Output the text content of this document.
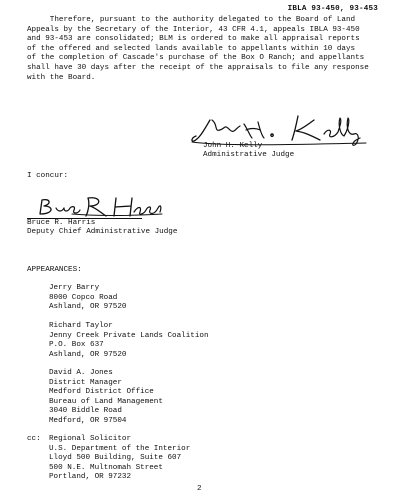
IBLA 93-450, 93-453
Therefore, pursuant to the authority delegated to the Board of Land
Appeals by the Secretary of the Interior, 43 CFR 4.1, appeals IBLA 93-450
and 93-453 are consolidated; BLM is ordered to make all appraisal reports
of the offered and selected lands available to appellants within 10 days
of the completion of Cascade's purchase of the Box O Ranch; and appellants
shall have 30 days after the receipt of the appraisals to file any response
with the Board.
John H. Kelly
Administrative Judge
I concur:
Bruce R. Harris
Deputy Chief Administrative Judge
APPEARANCES:
Jerry Barry
8000 Copco Road
Ashland, OR 97520
Richard Taylor
Jenny Creek Private Lands Coalition
P.O. Box 637
Ashland, OR 97520
David A. Jones
District Manager
Medford District Office
Bureau of Land Management
3040 Biddle Road
Medford, OR 97504
cc: Regional Solicitor
U.S. Department of the Interior
Lloyd 500 Building, Suite 607
500 N.E. Multnomah Street
Portland, OR 97232
2
